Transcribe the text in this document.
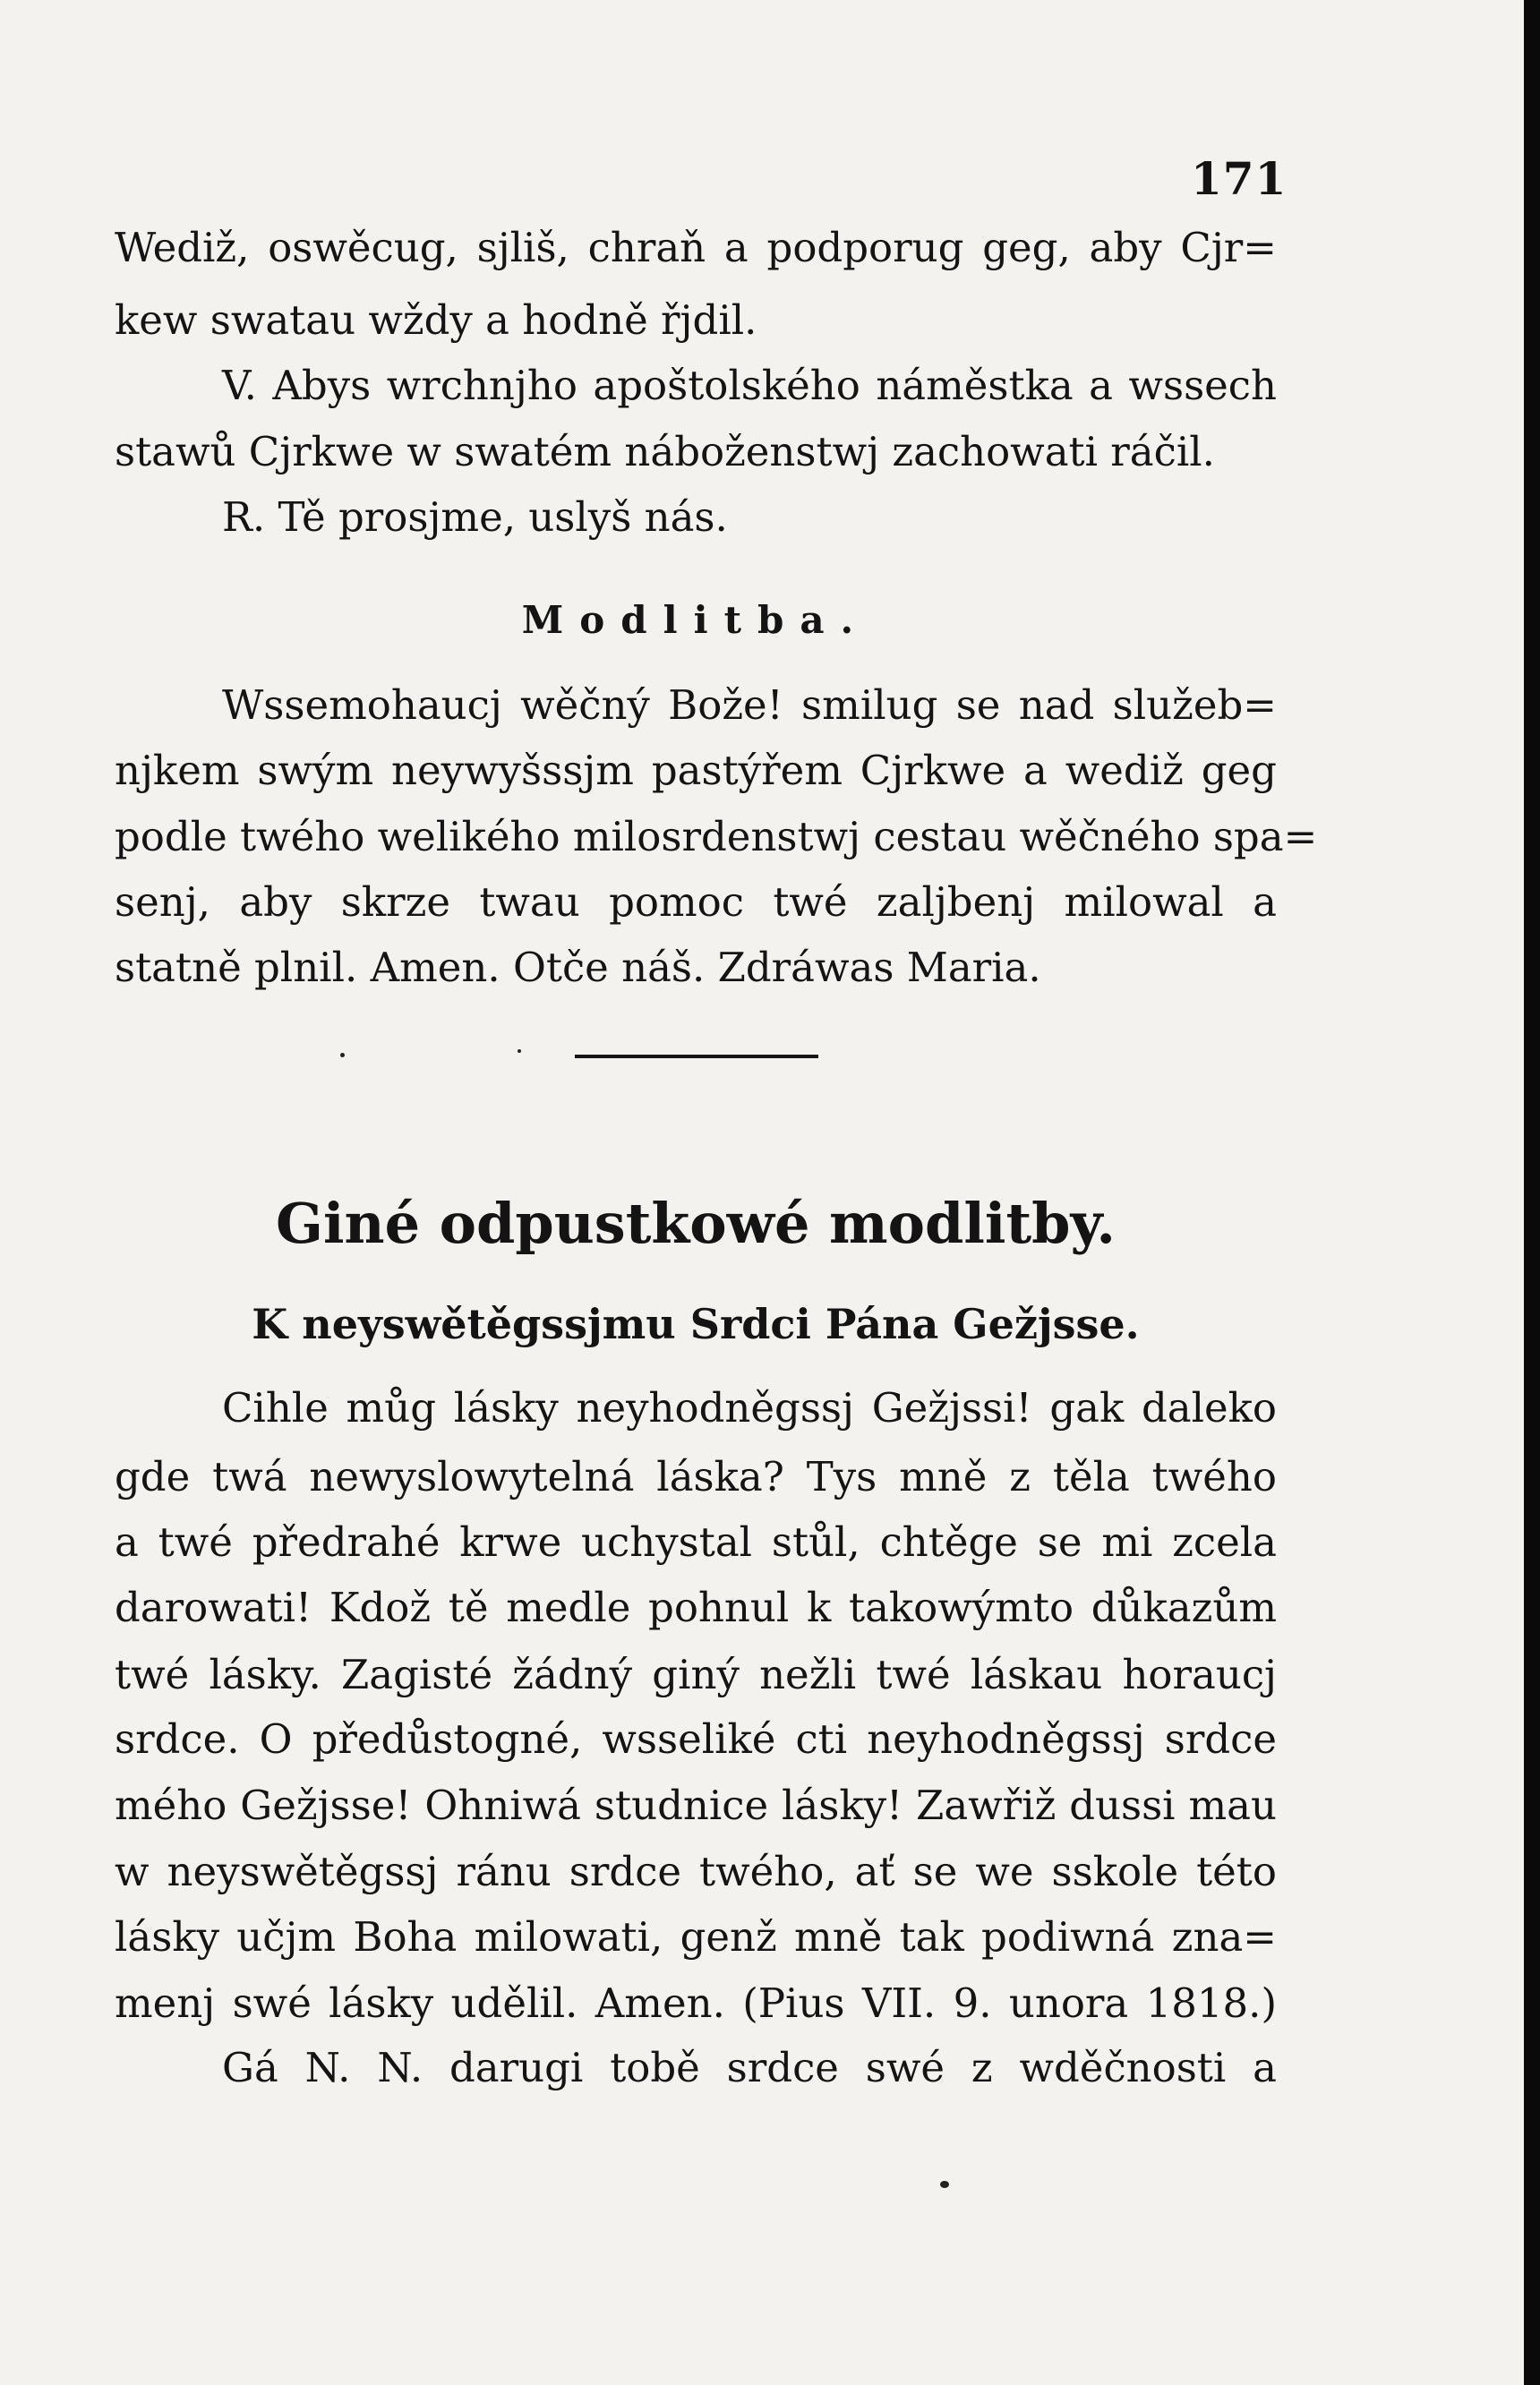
171
Wediž, oswěcug, sjliš, chraň a podporug geg, aby Cjr=
kew swatau wždy a hodně řjdil.
V. Abys wrchnjho apoštolského náměstka a wssech
stawů Cjrkwe w swatém náboženstwj zachowati ráčil.
R. Tě prosjme, uslyš nás.
Modlitba.
Wssemohaucj wěčný Bože! smilug se nad služeb=
njkem swým neywyšssjm pastýřem Cjrkwe a wediž geg
podle twého welikého milosrdenstwj cestau wěčného spa=
senj, aby skrze twau pomoc twé zaljbenj milowal a
statně plnil. Amen. Otče náš. Zdráwas Maria.
Giné odpustkowé modlitby.
K neyswětěgssjmu Srdci Pána Gežjsse.
Cihle můg lásky neyhodněgssj Gežjssi! gak daleko
gde twá newyslowytelná láska? Tys mně z těla twého
a twé předrahé krwe uchystal stůl, chtěge se mi zcela
darowati! Kdož tě medle pohnul k takowýmto důkazům
twé lásky. Zagisté žádný giný nežli twé láskau horaucj
srdce. O předůstogné, wsseliké cti neyhodněgssj srdce
mého Gežjsse! Ohniwá studnice lásky! Zawřiž dussi mau
w neyswětěgssj ránu srdce twého, ať se we sskole této
lásky učjm Boha milowati, genž mně tak podiwná zna=
menj swé lásky udělil. Amen. (Pius VII. 9. unora 1818.)
Gá N. N. darugi tobě srdce swé z wděčnosti a
